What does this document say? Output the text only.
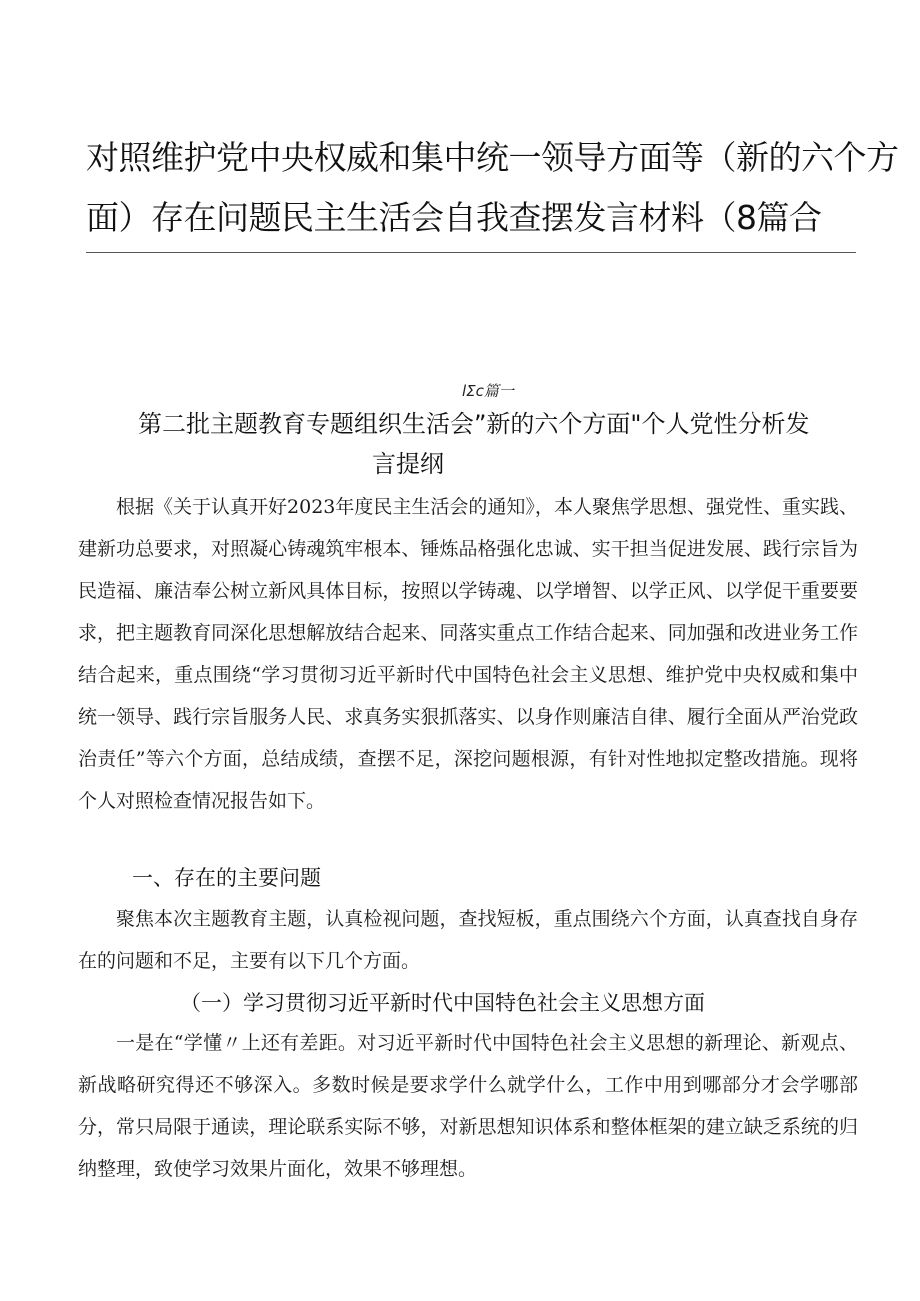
对照维护党中央权威和集中统一领导方面等（新的六个方
面）存在问题民主生活会自我查摆发言材料（8篇合
lΣc篇一
第二批主题教育专题组织生活会”新的六个方面"个人党性分析发
言提纲

根据《关于认真开好2023年度民主生活会的通知》，本人聚焦学思想、强党性、重实践、建新功总要求，对照凝心铸魂筑牢根本、锤炼品格强化忠诚、实干担当促进发展、践行宗旨为民造福、廉洁奉公树立新风具体目标，按照以学铸魂、以学增智、以学正风、以学促干重要要求，把主题教育同深化思想解放结合起来、同落实重点工作结合起来、同加强和改进业务工作结合起来，重点围绕“学习贯彻习近平新时代中国特色社会主义思想、维护党中央权威和集中统一领导、践行宗旨服务人民、求真务实狠抓落实、以身作则廉洁自律、履行全面从严治党政治责任”等六个方面，总结成绩，查摆不足，深挖问题根源，有针对性地拟定整改措施。现将个人对照检查情况报告如下。

一、存在的主要问题

聚焦本次主题教育主题，认真检视问题，查找短板，重点围绕六个方面，认真查找自身存在的问题和不足，主要有以下几个方面。

（一）学习贯彻习近平新时代中国特色社会主义思想方面

一是在“学懂〃上还有差距。对习近平新时代中国特色社会主义思想的新理论、新观点、新战略研究得还不够深入。多数时候是要求学什么就学什么，工作中用到哪部分才会学哪部分，常只局限于通读，理论联系实际不够，对新思想知识体系和整体框架的建立缺乏系统的归纳整理，致使学习效果片面化，效果不够理想。
